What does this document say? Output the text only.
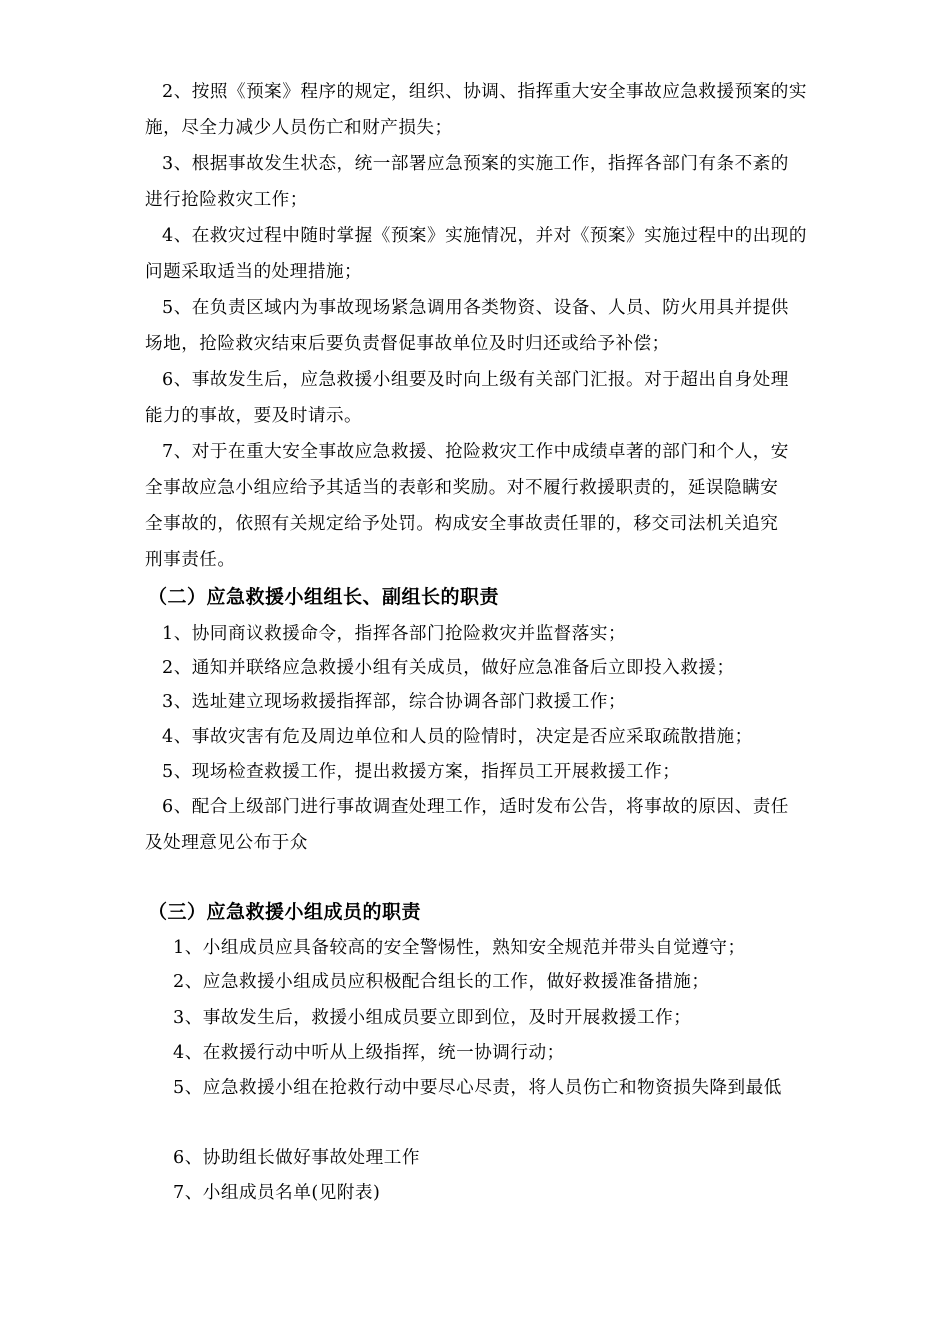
2、按照《预案》程序的规定，组织、协调、指挥重大安全事故应急救援预案的实
施，尽全力减少人员伤亡和财产损失；
3、根据事故发生状态，统一部署应急预案的实施工作，指挥各部门有条不紊的
进行抢险救灾工作；
4、在救灾过程中随时掌握《预案》实施情况，并对《预案》实施过程中的出现的
问题采取适当的处理措施；
5、在负责区域内为事故现场紧急调用各类物资、设备、人员、防火用具并提供
场地，抢险救灾结束后要负责督促事故单位及时归还或给予补偿；
6、事故发生后，应急救援小组要及时向上级有关部门汇报。对于超出自身处理
能力的事故，要及时请示。
7、对于在重大安全事故应急救援、抢险救灾工作中成绩卓著的部门和个人，安
全事故应急小组应给予其适当的表彰和奖励。对不履行救援职责的，延误隐瞒安
全事故的，依照有关规定给予处罚。构成安全事故责任罪的，移交司法机关追究
刑事责任。
（二）应急救援小组组长、副组长的职责
1、协同商议救援命令，指挥各部门抢险救灾并监督落实；
2、通知并联络应急救援小组有关成员，做好应急准备后立即投入救援；
3、选址建立现场救援指挥部，综合协调各部门救援工作；
4、事故灾害有危及周边单位和人员的险情时，决定是否应采取疏散措施；
5、现场检查救援工作，提出救援方案，指挥员工开展救援工作；
6、配合上级部门进行事故调查处理工作，适时发布公告，将事故的原因、责任
及处理意见公布于众
（三）应急救援小组成员的职责
1、小组成员应具备较高的安全警惕性，熟知安全规范并带头自觉遵守；
2、应急救援小组成员应积极配合组长的工作，做好救援准备措施；
3、事故发生后，救援小组成员要立即到位，及时开展救援工作；
4、在救援行动中听从上级指挥，统一协调行动；
5、应急救援小组在抢救行动中要尽心尽责，将人员伤亡和物资损失降到最低
6、协助组长做好事故处理工作
7、小组成员名单(见附表)
